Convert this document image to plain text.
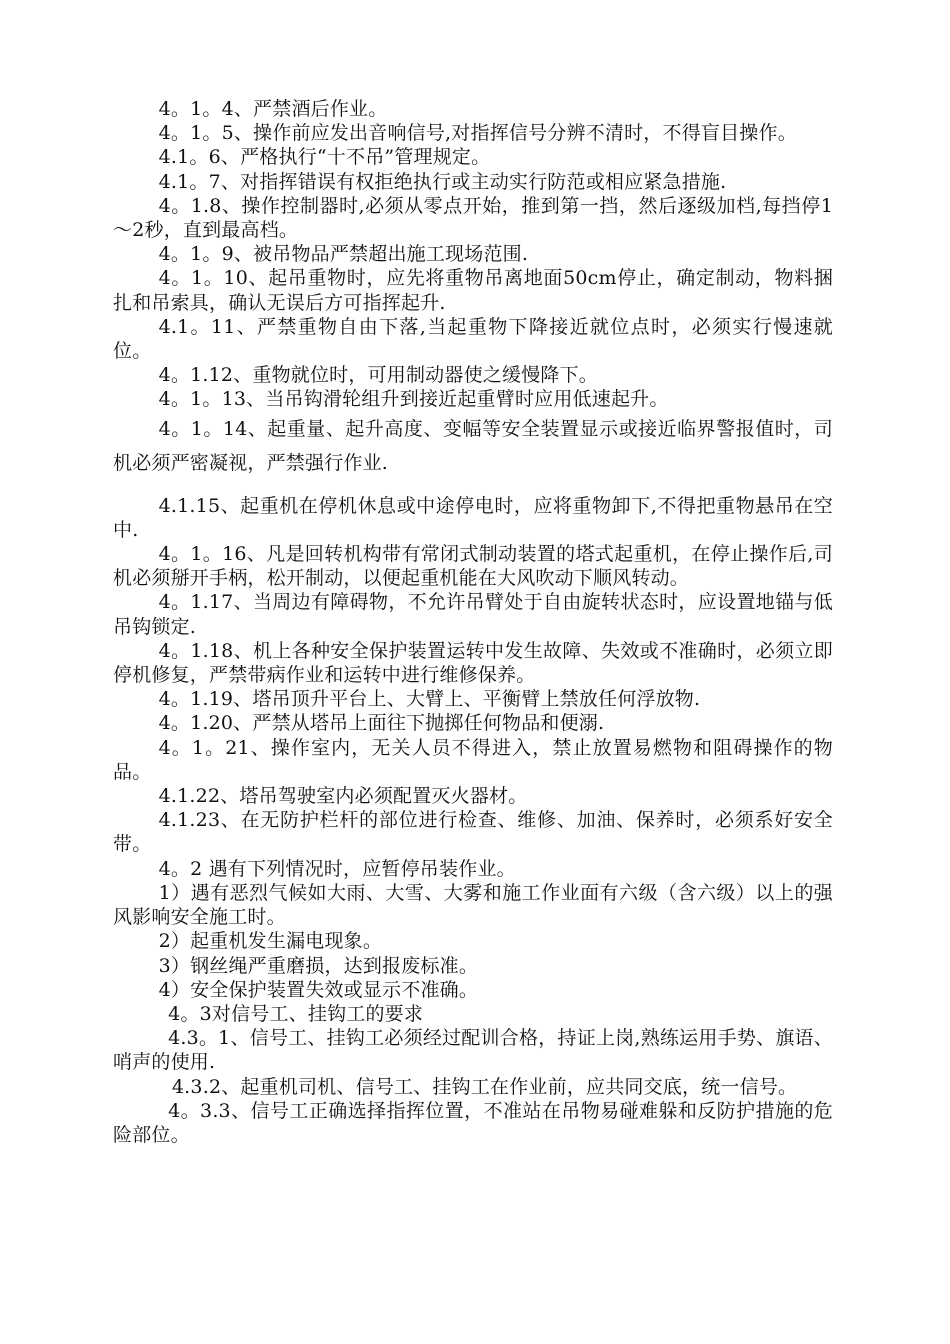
4。1。4、严禁酒后作业。

4。1。5、操作前应发出音响信号,对指挥信号分辨不清时，不得盲目操作。

4.1。6、严格执行“十不吊”管理规定。

4.1。7、对指挥错误有权拒绝执行或主动实行防范或相应紧急措施.

4。1.8、操作控制器时,必须从零点开始，推到第一挡，然后逐级加档,每挡停1～2秒，直到最高档。

4。1。9、被吊物品严禁超出施工现场范围.

4。1。10、起吊重物时，应先将重物吊离地面50cm停止，确定制动，物料捆扎和吊索具，确认无误后方可指挥起升.

4.1。11、严禁重物自由下落,当起重物下降接近就位点时，必须实行慢速就位。

4。1.12、重物就位时，可用制动器使之缓慢降下。

4。1。13、当吊钩滑轮组升到接近起重臂时应用低速起升。

4。1。14、起重量、起升高度、变幅等安全装置显示或接近临界警报值时，司机必须严密凝视，严禁强行作业.

4.1.15、起重机在停机休息或中途停电时，应将重物卸下,不得把重物悬吊在空中.

4。1。16、凡是回转机构带有常闭式制动装置的塔式起重机，在停止操作后,司机必须掰开手柄，松开制动，以便起重机能在大风吹动下顺风转动。

4。1.17、当周边有障碍物，不允许吊臂处于自由旋转状态时，应设置地锚与低吊钩锁定.

4。1.18、机上各种安全保护装置运转中发生故障、失效或不准确时，必须立即停机修复，严禁带病作业和运转中进行维修保养。

4。1.19、塔吊顶升平台上、大臂上、平衡臂上禁放任何浮放物.

4。1.20、严禁从塔吊上面往下抛掷任何物品和便溺.

4。1。21、操作室内，无关人员不得进入，禁止放置易燃物和阻碍操作的物品。

4.1.22、塔吊驾驶室内必须配置灭火器材。

4.1.23、在无防护栏杆的部位进行检查、维修、加油、保养时，必须系好安全带。

4。2 遇有下列情况时，应暂停吊装作业。

1）遇有恶烈气候如大雨、大雪、大雾和施工作业面有六级（含六级）以上的强风影响安全施工时。

2）起重机发生漏电现象。

3）钢丝绳严重磨损，达到报废标准。

4）安全保护装置失效或显示不准确。

4。3对信号工、挂钩工的要求

4.3。1、信号工、挂钩工必须经过配训合格，持证上岗,熟练运用手势、旗语、哨声的使用.

4.3.2、起重机司机、信号工、挂钩工在作业前，应共同交底，统一信号。

4。3.3、信号工正确选择指挥位置，不准站在吊物易碰难躲和反防护措施的危险部位。
